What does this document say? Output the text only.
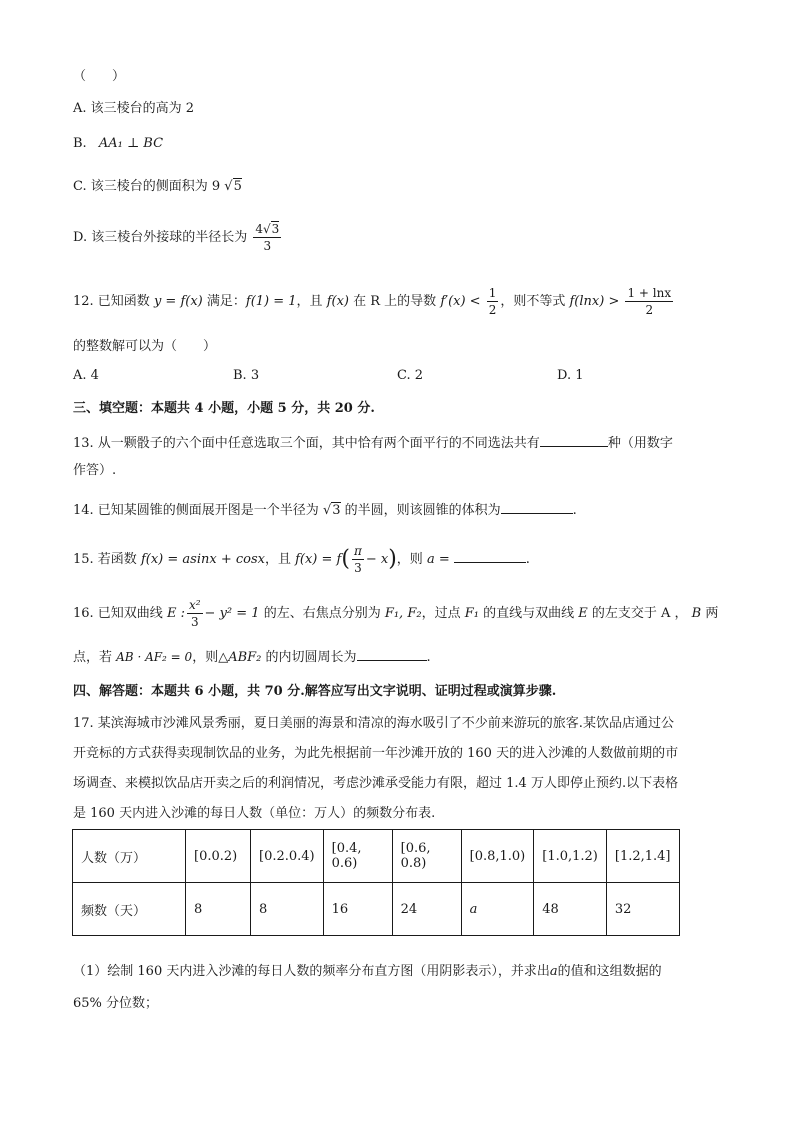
（　　）
A. 该三棱台的高为 2
B. AA₁ ⊥ BC
C. 该三棱台的侧面积为 9 √5
D. 该三棱台外接球的半径长为 $\frac{4√3}{3}$
12. 已知函数 y = f(x) 满足：f(1) = 1，且 f(x) 在 R 上的导数 $f'(x) < \frac{1}{2}$ ，则不等式 $f(\ln x) > \frac{1 + \ln x}{2}$
的整数解可以为（　　）
A. 4	B. 3	C. 2	D. 1
三、填空题：本题共 4 小题，小题 5 分，共 20 分.
13. 从一颗骰子的六个面中任意选取三个面，其中恰有两个面平行的不同选法共有	种（用数字
作答）.
14. 已知某圆锥的侧面展开图是一个半径为 √3 的半圆，则该圆锥的体积为	.
15. 若函数 f(x) = asinx + cosx，且 $f(x) = f( \frac{\pi}{3} - x)$，则 a =	.
16. 已知双曲线 E : $\frac{\text{x²}}{3} - y^2 = 1$ 的左、右焦点分别为 F₁, F₂，过点 F₁ 的直线与双曲线 E 的左支交于 A ， B 两
点，若 AB · AF₂ = 0，则△ABF₂ 的内切圆周长为	.
四、解答题：本题共 6 小题，共 70 分.解答应写出文字说明、证明过程或演算步骤.
17. 某滨海城市沙滩风景秀丽，夏日美丽的海景和清凉的海水吸引了不少前来游玩的旅客.某饮品店通过公
开竞标的方式获得卖现制饮品的业务，为此先根据前一年沙滩开放的 160 天的进入沙滩的人数做前期的市
场调查、来模拟饮品店开卖之后的利润情况，考虑沙滩承受能力有限，超过 1.4 万人即停止预约.以下表格
是 160 天内进入沙滩的每日人数（单位：万人）的频数分布表.
人数（万）	[0.0.2)	[0.2.0.4)	[0.4, 0.6)	[0.6, 0.8)	[0.8,1.0)	[1.0,1.2)	[1.2,1.4]
频数（天）	8	8	16	24	a	48	32
（1）绘制 160 天内进入沙滩的每日人数的频率分布直方图（用阴影表示），并求出a的值和这组数据的
65% 分位数；
